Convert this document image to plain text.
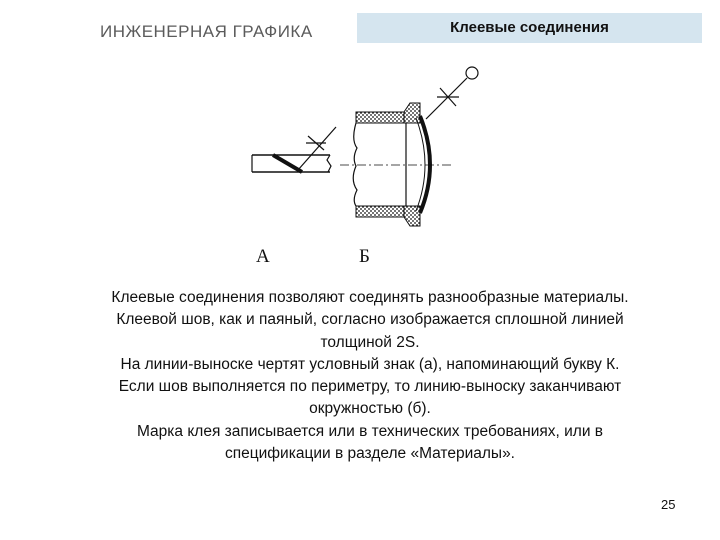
ИНЖЕНЕРНАЯ ГРАФИКА	Клеевые соединения
А	Б

Клеевые соединения позволяют соединять разнообразные материалы.

Клеевой шов, как и паяный, согласно изображается сплошной линией толщиной 2S.

На линии-выноске чертят условный знак (а), напоминающий букву К.

Если шов выполняется по периметру, то линию-выноску заканчивают окружностью (б).

Марка клея записывается или в технических требованиях, или в спецификации в разделе «Материалы».

25
